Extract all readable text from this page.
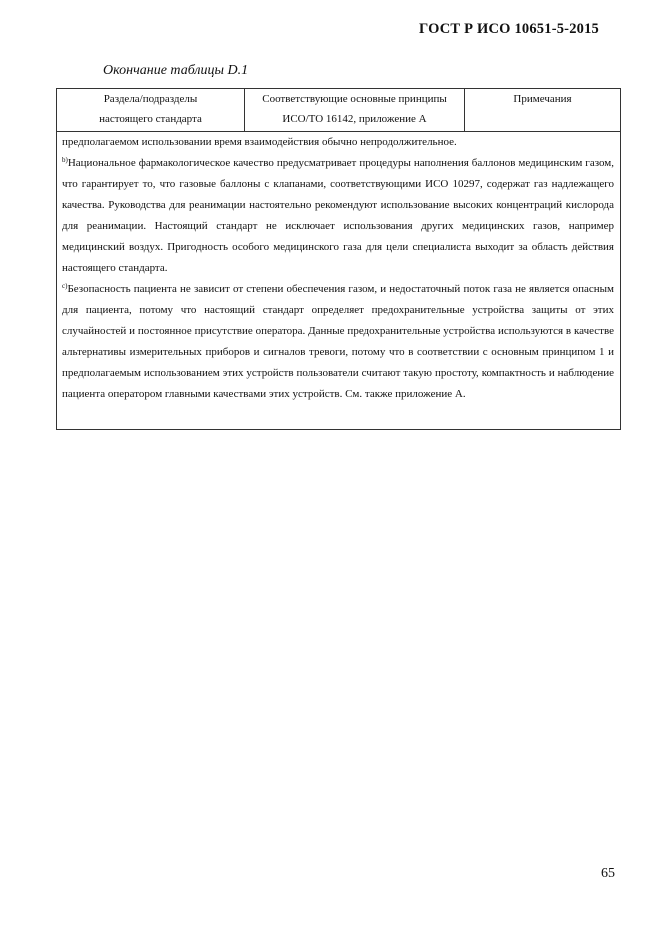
ГОСТ Р ИСО 10651-5-2015
Окончание таблицы D.1
Раздела/подразделы
настоящего стандарта
Соответствующие основные принципы
ИСО/ТО 16142, приложение А
Примечания

предполагаемом использовании время взаимодействия обычно непродолжительное.

$^{b)}$Национальное фармакологическое качество предусматривает процедуры наполнения баллонов медицинским газом, что гарантирует то, что газовые баллоны с клапанами, соответствующими ИСО 10297, содержат газ надлежащего качества. Руководства для реанимации настоятельно рекомендуют использование высоких концентраций кислорода для реанимации. Настоящий стандарт не исключает использования других медицинских газов, например медицинский воздух. Пригодность особого медицинского газа для цели специалиста выходит за область действия настоящего стандарта.

$^{c)}$Безопасность пациента не зависит от степени обеспечения газом, и недостаточный поток газа не является опасным для пациента, потому что настоящий стандарт определяет предохранительные устройства защиты от этих случайностей и постоянное присутствие оператора. Данные предохранительные устройства используются в качестве альтернативы измерительных приборов и сигналов тревоги, потому что в соответствии с основным принципом 1 и предполагаемым использованием этих устройств пользователи считают такую простоту, компактность и наблюдение пациента оператором главными качествами этих устройств. См. также приложение А.

65
